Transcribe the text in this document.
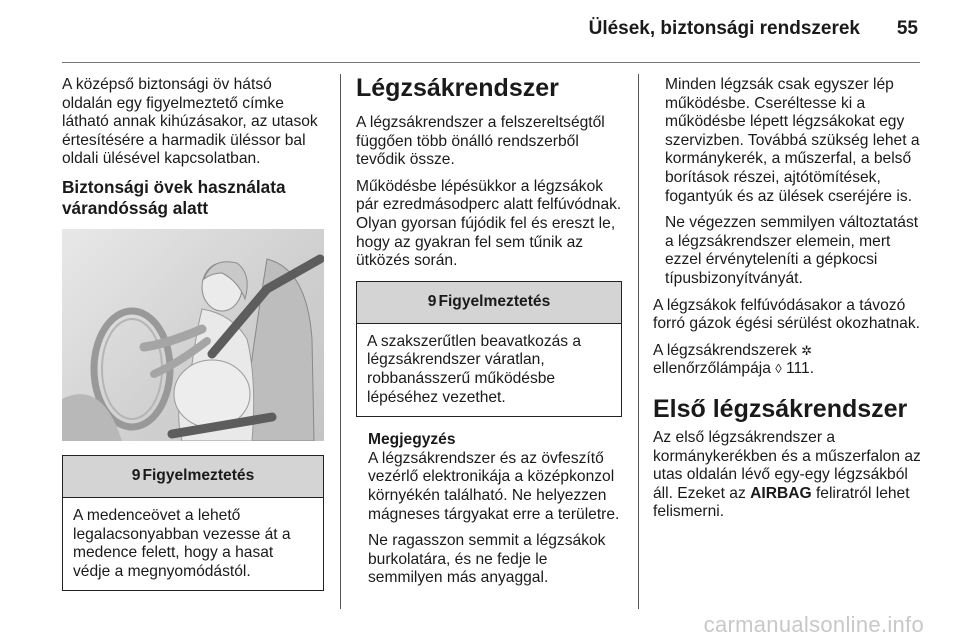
Ülések, biztonsági rendszerek	55

A középső biztonsági öv hátsó oldalán egy figyelmeztető címke látható annak kihúzásakor, az utasok értesítésére a harmadik üléssor bal oldali ülésével kapcsolatban.

Biztonsági övek használata várandósság alatt
9 Figyelmeztetés
A medenceövet a lehető legalacsonyabban vezesse át a medence felett, hogy a hasat védje a megnyomódástól.
Légzsákrendszer

A légzsákrendszer a felszereltségtől függően több önálló rendszerből tevődik össze.

Működésbe lépésükkor a légzsákok pár ezredmásodperc alatt felfúvódnak. Olyan gyorsan fújódik fel és ereszt le, hogy az gyakran fel sem tűnik az ütközés során.

9 Figyelmeztetés
A szakszerűtlen beavatkozás a légzsákrendszer váratlan, robbanásszerű működésbe lépéséhez vezethet.
Megjegyzés

A légzsákrendszer és az övfeszítő vezérlő elektronikája a középkonzol környékén található. Ne helyezzen mágneses tárgyakat erre a területre.

Ne ragasszon semmit a légzsákok burkolatára, és ne fedje le semmilyen más anyaggal.

Minden légzsák csak egyszer lép működésbe. Cseréltesse ki a működésbe lépett légzsákokat egy szervizben. Továbbá szükség lehet a kormánykerék, a műszerfal, a belső borítások részei, ajtótömítések, fogantyúk és az ülések cseréjére is.

Ne végezzen semmilyen változtatást a légzsákrendszer elemein, mert ezzel érvényteleníti a gépkocsi típusbizonyítványát.

A légzsákok felfúvódásakor a távozó forró gázok égési sérülést okozhatnak.

A légzsákrendszerek ✲
ellenőrzőlámpája ◊ 111.

Első légzsákrendszer

Az első légzsákrendszer a kormánykerékben és a műszerfalon az utas oldalán lévő egy-egy légzsákból áll. Ezeket az AIRBAG feliratról lehet felismerni.

carmanualsonline.info
